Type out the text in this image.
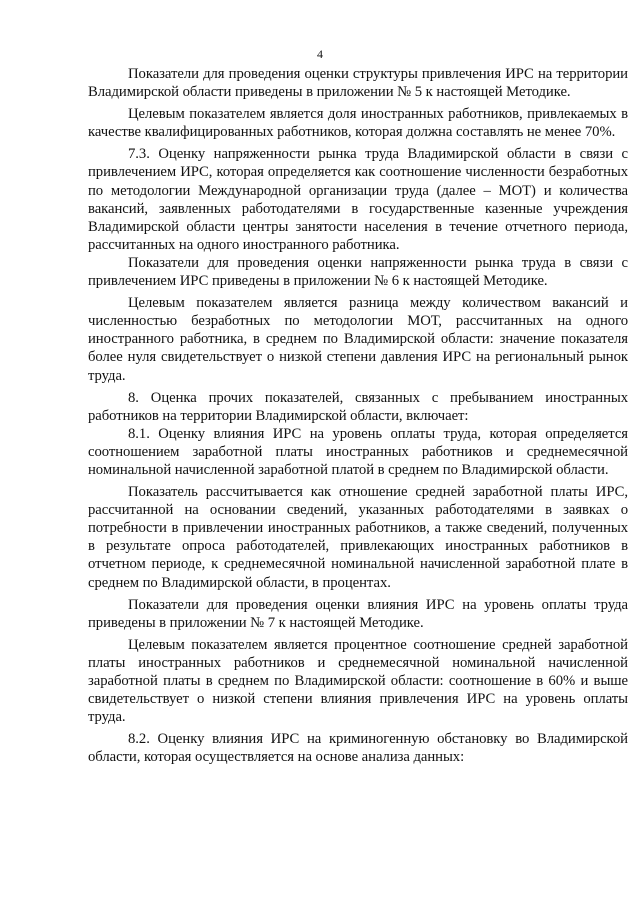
4

Показатели для проведения оценки структуры привлечения ИРС на территории Владимирской области приведены в приложении № 5 к настоящей Методике.

Целевым показателем является доля иностранных работников, привлекаемых в качестве квалифицированных работников, которая должна составлять не менее 70%.

7.3. Оценку напряженности рынка труда Владимирской области в связи с привлечением ИРС, которая определяется как соотношение численности безработных по методологии Международной организации труда (далее – МОТ) и количества вакансий, заявленных работодателями в государственные казенные учреждения Владимирской области центры занятости населения в течение отчетного периода, рассчитанных на одного иностранного работника.

Показатели для проведения оценки напряженности рынка труда в связи с привлечением ИРС приведены в приложении № 6 к настоящей Методике.

Целевым показателем является разница между количеством вакансий и численностью безработных по методологии МОТ, рассчитанных на одного иностранного работника, в среднем по Владимирской области: значение показателя более нуля свидетельствует о низкой степени давления ИРС на региональный рынок труда.

8. Оценка прочих показателей, связанных с пребыванием иностранных работников на территории Владимирской области, включает:

8.1. Оценку влияния ИРС на уровень оплаты труда, которая определяется соотношением заработной платы иностранных работников и среднемесячной номинальной начисленной заработной платой в среднем по Владимирской области.

Показатель рассчитывается как отношение средней заработной платы ИРС, рассчитанной на основании сведений, указанных работодателями в заявках о потребности в привлечении иностранных работников, а также сведений, полученных в результате опроса работодателей, привлекающих иностранных работников в отчетном периоде, к среднемесячной номинальной начисленной заработной плате в среднем по Владимирской области, в процентах.

Показатели для проведения оценки влияния ИРС на уровень оплаты труда приведены в приложении № 7 к настоящей Методике.

Целевым показателем является процентное соотношение средней заработной платы иностранных работников и среднемесячной номинальной начисленной заработной платы в среднем по Владимирской области: соотношение в 60% и выше свидетельствует о низкой степени влияния привлечения ИРС на уровень оплаты труда.

8.2. Оценку влияния ИРС на криминогенную обстановку во Владимирской области, которая осуществляется на основе анализа данных:
